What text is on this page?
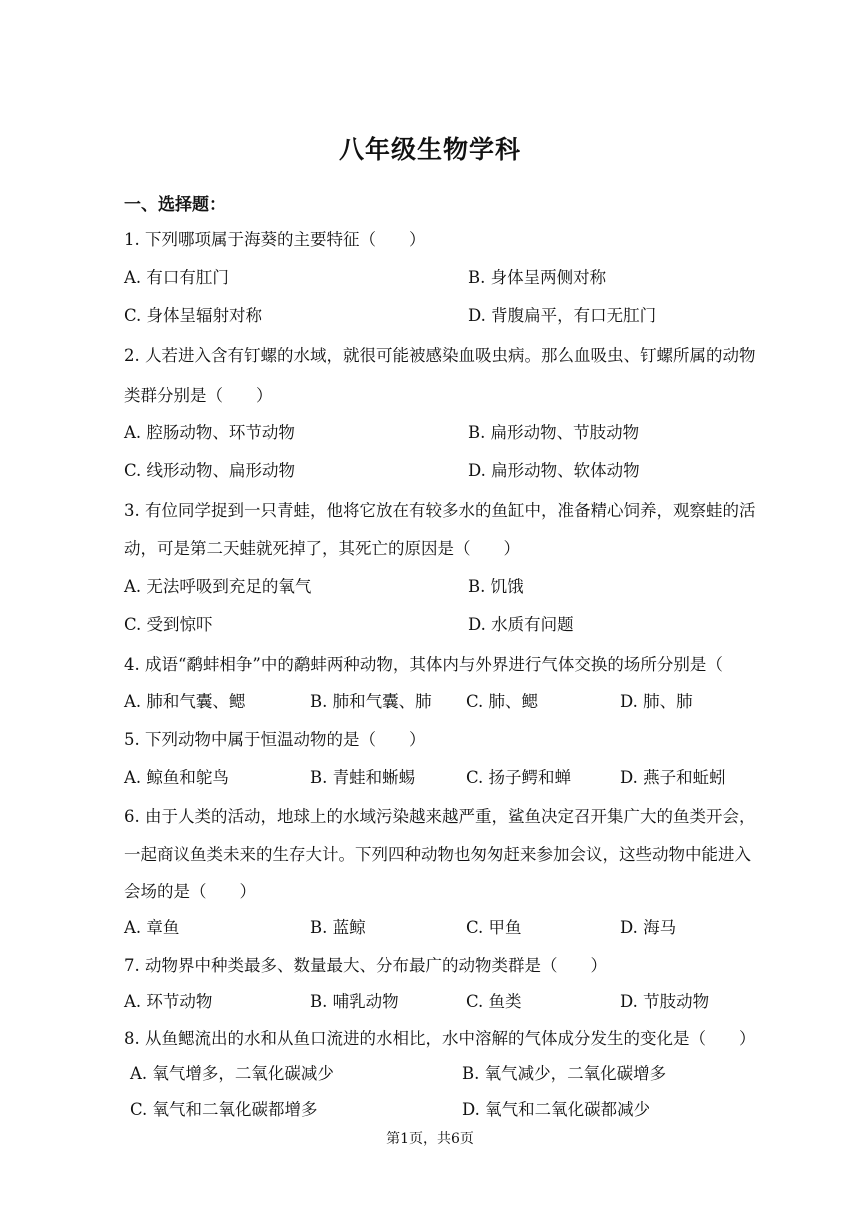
八年级生物学科
一、选择题：
1. 下列哪项属于海葵的主要特征（　　）
A. 有口有肛门	B. 身体呈两侧对称
C. 身体呈辐射对称	D. 背腹扁平，有口无肛门
2. 人若进入含有钉螺的水域，就很可能被感染血吸虫病。那么血吸虫、钉螺所属的动物
类群分别是（　　）
A. 腔肠动物、环节动物	B. 扁形动物、节肢动物
C. 线形动物、扁形动物	D. 扁形动物、软体动物
3. 有位同学捉到一只青蛙，他将它放在有较多水的鱼缸中，准备精心饲养，观察蛙的活
动，可是第二天蛙就死掉了，其死亡的原因是（　　）
A. 无法呼吸到充足的氧气	B. 饥饿
C. 受到惊吓	D. 水质有问题
4. 成语“鹬蚌相争”中的鹬蚌两种动物，其体内与外界进行气体交换的场所分别是（
A. 肺和气囊、鳃	B. 肺和气囊、肺 C. 肺、鳃	D. 肺、肺
5. 下列动物中属于恒温动物的是（　　）
A. 鲸鱼和鸵鸟	B. 青蛙和蜥蜴	C. 扬子鳄和蝉	D. 燕子和蚯蚓
6. 由于人类的活动，地球上的水域污染越来越严重，鲨鱼决定召开集广大的鱼类开会，
一起商议鱼类未来的生存大计。下列四种动物也匆匆赶来参加会议，这些动物中能进入
会场的是（　　）
A. 章鱼	B. 蓝鲸	C. 甲鱼	D. 海马
7. 动物界中种类最多、数量最大、分布最广的动物类群是（　　）
A. 环节动物	B. 哺乳动物	C. 鱼类	D. 节肢动物
8. 从鱼鳃流出的水和从鱼口流进的水相比，水中溶解的气体成分发生的变化是（　　）
A. 氧气增多，二氧化碳减少	B. 氧气减少，二氧化碳增多
C. 氧气和二氧化碳都增多	D. 氧气和二氧化碳都减少
第1页，共6页
